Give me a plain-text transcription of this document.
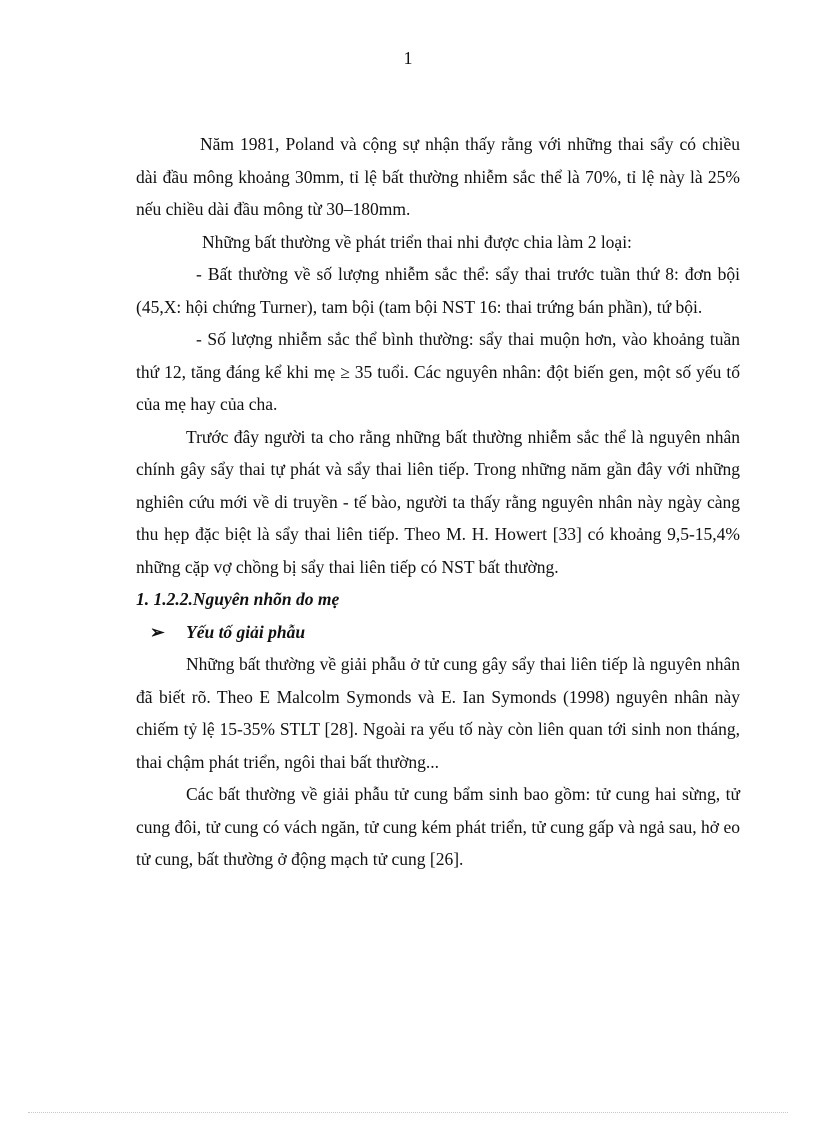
1

Năm 1981, Poland và cộng sự nhận thấy rằng với những thai sẩy có chiều dài đầu mông khoảng 30mm, tỉ lệ bất thường nhiễm sắc thể là 70%, tỉ lệ này là 25% nếu chiều dài đầu mông từ 30–180mm.

Những bất thường về phát triển thai nhi được chia làm 2 loại:

- Bất thường về số lượng nhiễm sắc thể: sẩy thai trước tuần thứ 8: đơn bội (45,X: hội chứng Turner), tam bội (tam bội NST 16: thai trứng bán phần), tứ bội.

- Số lượng nhiễm sắc thể bình thường: sẩy thai muộn hơn, vào khoảng tuần thứ 12, tăng đáng kể khi mẹ ≥ 35 tuổi. Các nguyên nhân: đột biến gen, một số yếu tố của mẹ hay của cha.

Trước đây người ta cho rằng những bất thường nhiễm sắc thể là nguyên nhân chính gây sẩy thai tự phát và sẩy thai liên tiếp. Trong những năm gần đây với những nghiên cứu mới về di truyền - tế bào, người ta thấy rằng nguyên nhân này ngày càng thu hẹp đặc biệt là sẩy thai liên tiếp. Theo M. H. Howert [33] có khoảng 9,5-15,4% những cặp vợ chồng bị sẩy thai liên tiếp có NST bất thường.

1. 1.2.2.Nguyên nhõn do mẹ

➢ Yếu tố giải phẫu

Những bất thường về giải phẫu ở tử cung gây sẩy thai liên tiếp là nguyên nhân đã biết rõ. Theo E Malcolm Symonds và E. Ian Symonds (1998) nguyên nhân này chiếm tỷ lệ 15-35% STLT [28]. Ngoài ra yếu tố này còn liên quan tới sinh non tháng, thai chậm phát triển, ngôi thai bất thường...

Các bất thường về giải phẫu tử cung bẩm sinh bao gồm: tử cung hai sừng, tử cung đôi, tử cung có vách ngăn, tử cung kém phát triển, tử cung gấp và ngả sau, hở eo tử cung, bất thường ở động mạch tử cung [26].
